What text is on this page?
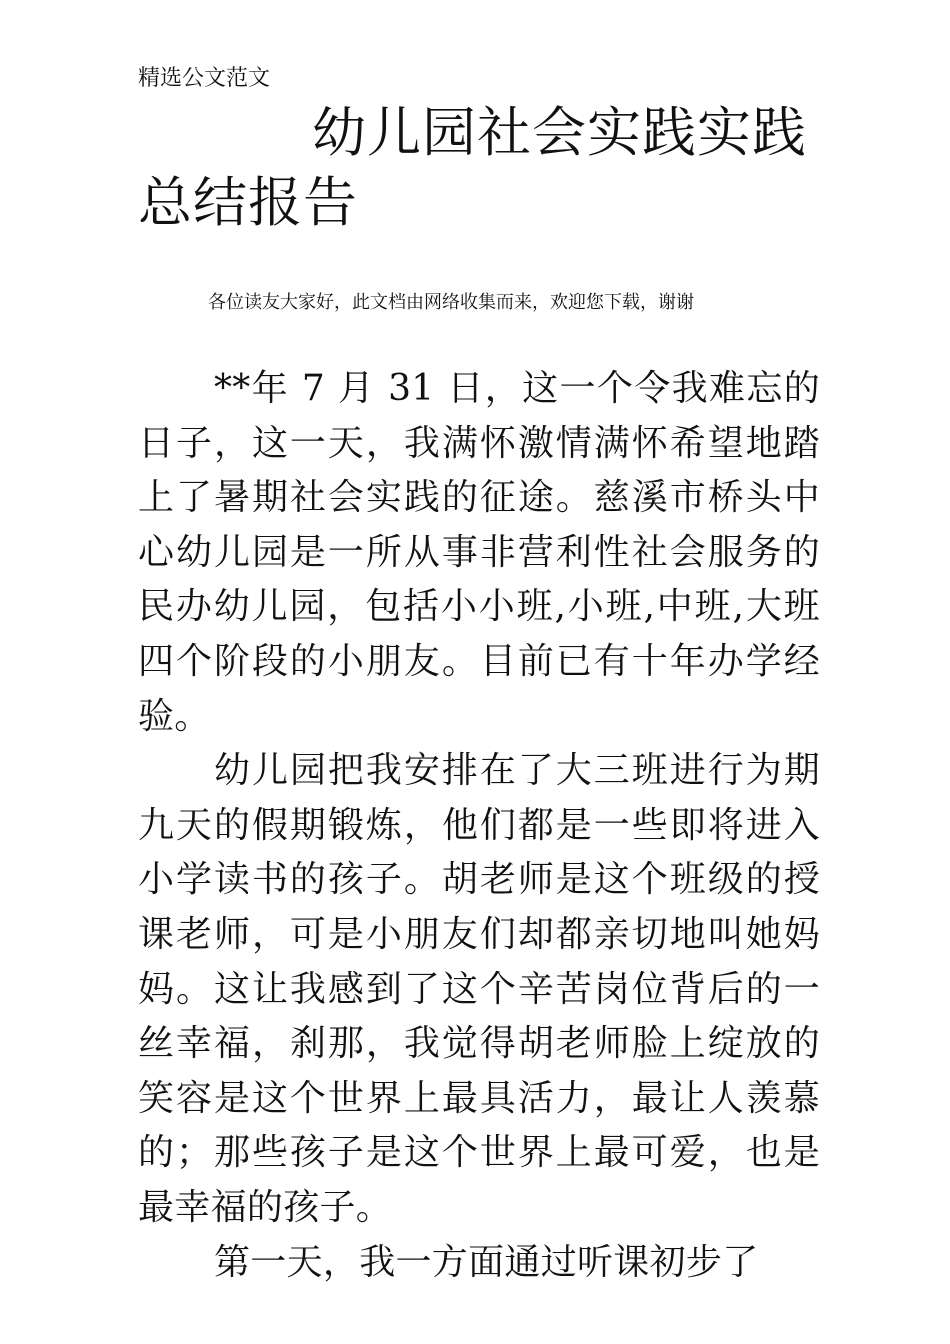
精选公文范文
幼儿园社会实践实践总结报告
各位读友大家好，此文档由网络收集而来，欢迎您下载，谢谢

**年 7 月 31 日，这一个令我难忘的日子，这一天，我满怀激情满怀希望地踏上了暑期社会实践的征途。慈溪市桥头中心幼儿园是一所从事非营利性社会服务的民办幼儿园，包括小小班,小班,中班,大班四个阶段的小朋友。目前已有十年办学经验。

幼儿园把我安排在了大三班进行为期九天的假期锻炼，他们都是一些即将进入小学读书的孩子。胡老师是这个班级的授课老师，可是小朋友们却都亲切地叫她妈妈。这让我感到了这个辛苦岗位背后的一丝幸福，刹那，我觉得胡老师脸上绽放的笑容是这个世界上最具活力，最让人羡慕的；那些孩子是这个世界上最可爱，也是最幸福的孩子。

第一天，我一方面通过听课初步了
